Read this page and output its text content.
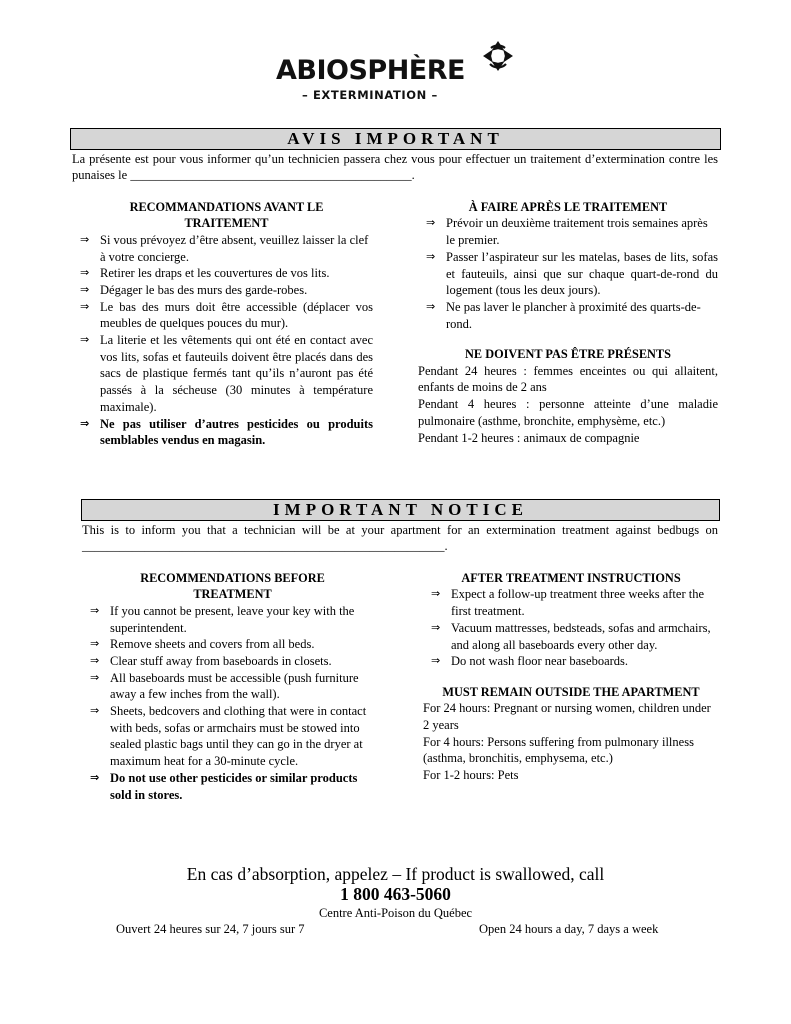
ABIOSPHÈRE
– EXTERMINATION –
AVIS IMPORTANT
La présente est pour vous informer qu’un technicien passera chez vous pour effectuer un traitement d’extermination contre les punaises le _____________________________________________.
RECOMMANDATIONS AVANT LE TRAITEMENT
⇒ Si vous prévoyez d’être absent, veuillez laisser la clef à votre concierge.
⇒ Retirer les draps et les couvertures de vos lits.
⇒ Dégager le bas des murs des garde-robes.
⇒ Le bas des murs doit être accessible (déplacer vos meubles de quelques pouces du mur).
⇒ La literie et les vêtements qui ont été en contact avec vos lits, sofas et fauteuils doivent être placés dans des sacs de plastique fermés tant qu’ils n’auront pas été passés à la sécheuse (30 minutes à température maximale).
⇒ Ne pas utiliser d’autres pesticides ou produits semblables vendus en magasin.
À FAIRE APRÈS LE TRAITEMENT
⇒ Prévoir un deuxième traitement trois semaines après le premier.
⇒ Passer l’aspirateur sur les matelas, bases de lits, sofas et fauteuils, ainsi que sur chaque quart-de-rond du logement (tous les deux jours).
⇒ Ne pas laver le plancher à proximité des quarts-de-rond.
NE DOIVENT PAS ÊTRE PRÉSENTS
Pendant 24 heures : femmes enceintes ou qui allaitent, enfants de moins de 2 ans
Pendant 4 heures : personne atteinte d’une maladie pulmonaire (asthme, bronchite, emphysème, etc.)
Pendant 1-2 heures : animaux de compagnie
IMPORTANT NOTICE
This is to inform you that a technician will be at your apartment for an extermination treatment against bedbugs on __________________________________________________________.
RECOMMENDATIONS BEFORE TREATMENT
⇒ If you cannot be present, leave your key with the superintendent.
⇒ Remove sheets and covers from all beds.
⇒ Clear stuff away from baseboards in closets.
⇒ All baseboards must be accessible (push furniture away a few inches from the wall).
⇒ Sheets, bedcovers and clothing that were in contact with beds, sofas or armchairs must be stowed into sealed plastic bags until they can go in the dryer at maximum heat for a 30-minute cycle.
⇒ Do not use other pesticides or similar products sold in stores.
AFTER TREATMENT INSTRUCTIONS
⇒ Expect a follow-up treatment three weeks after the first treatment.
⇒ Vacuum mattresses, bedsteads, sofas and armchairs, and along all baseboards every other day.
⇒ Do not wash floor near baseboards.
MUST REMAIN OUTSIDE THE APARTMENT
For 24 hours: Pregnant or nursing women, children under 2 years
For 4 hours: Persons suffering from pulmonary illness (asthma, bronchitis, emphysema, etc.)
For 1-2 hours: Pets
En cas d’absorption, appelez – If product is swallowed, call
1 800 463-5060
Centre Anti-Poison du Québec
Ouvert 24 heures sur 24, 7 jours sur 7	Open 24 hours a day, 7 days a week
